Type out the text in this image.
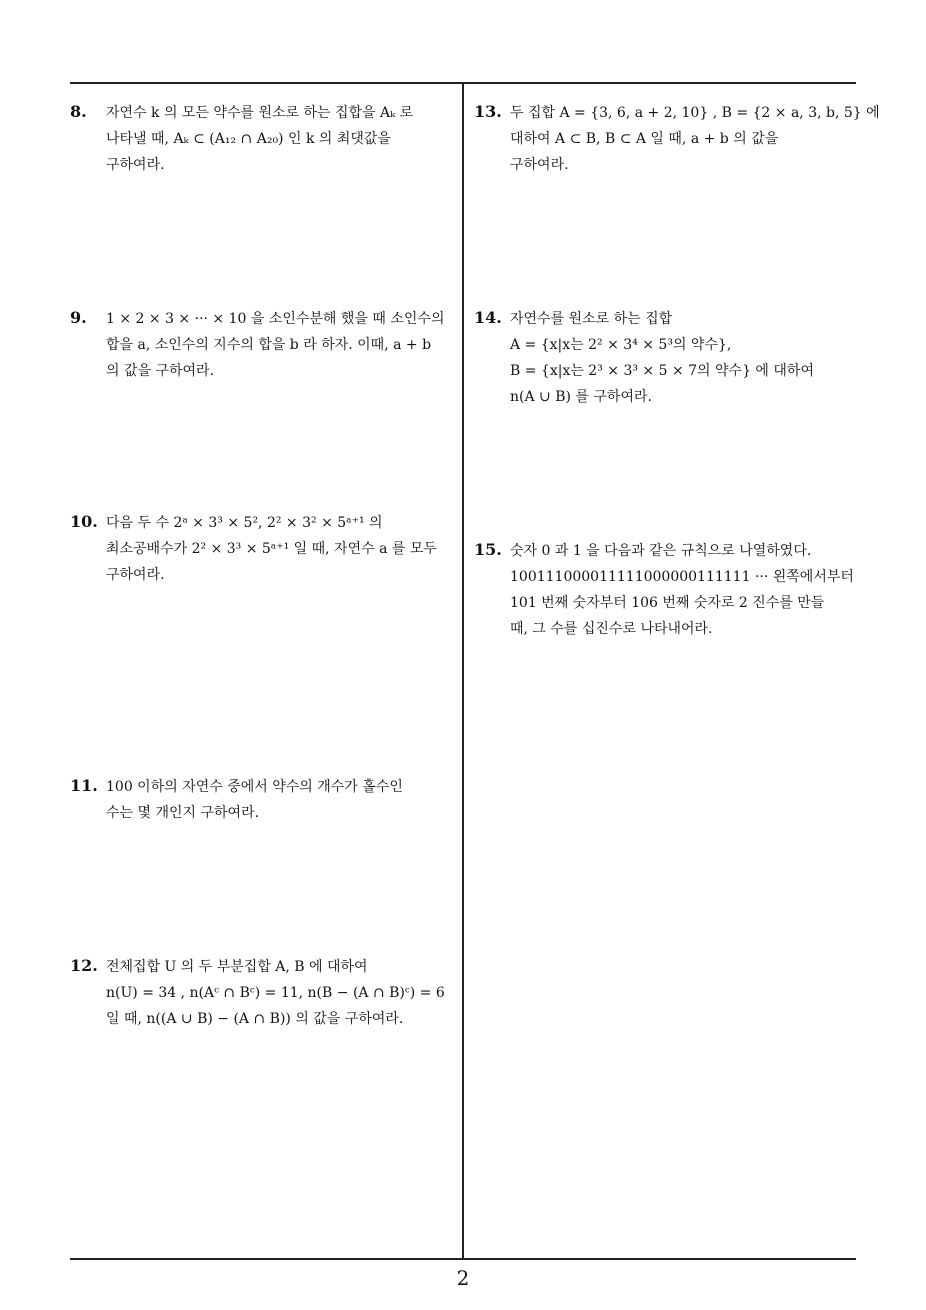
8. 자연수 k 의 모든 약수를 원소로 하는 집합을 Aₖ 로
나타낼 때, Aₖ ⊂ (A₁₂ ∩ A₂₀) 인 k 의 최댓값을
구하여라.
9. 1 × 2 × 3 × ··· × 10 을 소인수분해 했을 때 소인수의
합을 a, 소인수의 지수의 합을 b 라 하자. 이때, a + b
의 값을 구하여라.
10. 다음 두 수 2ᵃ × 3³ × 5², 2² × 3² × 5ᵃ⁺¹ 의
최소공배수가 2² × 3³ × 5ᵃ⁺¹ 일 때, 자연수 a 를 모두
구하여라.
11. 100 이하의 자연수 중에서 약수의 개수가 홀수인
수는 몇 개인지 구하여라.
12. 전체집합 U 의 두 부분집합 A, B 에 대하여
n(U) = 34 , n(Aᶜ ∩ Bᶜ) = 11, n(B − (A ∩ B)ᶜ) = 6
일 때, n((A ∪ B) − (A ∩ B)) 의 값을 구하여라.
13. 두 집합 A = {3, 6, a + 2, 10} , B = {2 × a, 3, b, 5} 에
대하여 A ⊂ B, B ⊂ A 일 때, a + b 의 값을
구하여라.
14. 자연수를 원소로 하는 집합
A = {x|x는 2² × 3⁴ × 5³의 약수},
B = {x|x는 2³ × 3³ × 5 × 7의 약수} 에 대하여
n(A ∪ B) 를 구하여라.
15. 숫자 0 과 1 을 다음과 같은 규칙으로 나열하였다.
100111000011111000000111111 ··· 왼쪽에서부터
101 번째 숫자부터 106 번째 숫자로 2 진수를 만들
때, 그 수를 십진수로 나타내어라.
2
